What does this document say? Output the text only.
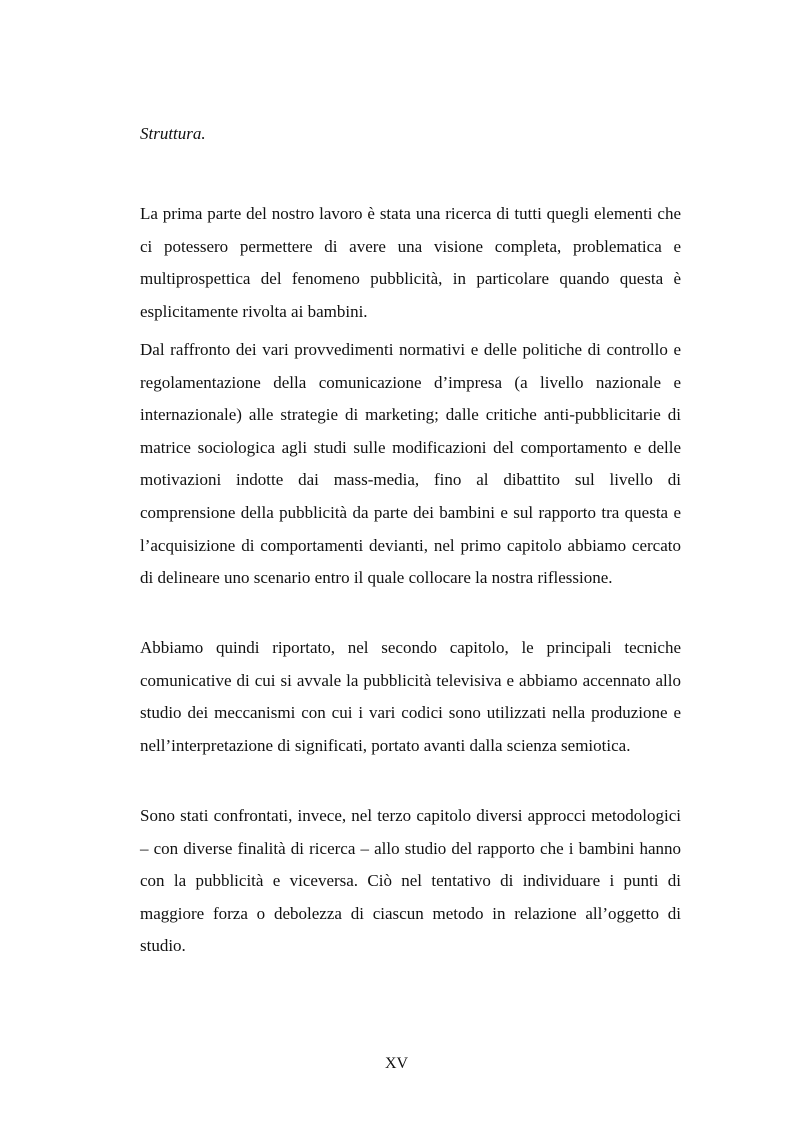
Struttura.

La prima parte del nostro lavoro è stata una ricerca di tutti quegli elementi che ci potessero permettere di avere una visione completa, problematica e multiprospettica del fenomeno pubblicità, in particolare quando questa è esplicitamente rivolta ai bambini.

Dal raffronto dei vari provvedimenti normativi e delle politiche di controllo e regolamentazione della comunicazione d’impresa (a livello nazionale e internazionale) alle strategie di marketing; dalle critiche anti-pubblicitarie di matrice sociologica agli studi sulle modificazioni del comportamento e delle motivazioni indotte dai mass-media, fino al dibattito sul livello di comprensione della pubblicità da parte dei bambini e sul rapporto tra questa e l’acquisizione di comportamenti devianti, nel primo capitolo abbiamo cercato di delineare uno scenario entro il quale collocare la nostra riflessione.

Abbiamo quindi riportato, nel secondo capitolo, le principali tecniche comunicative di cui si avvale la pubblicità televisiva e abbiamo accennato allo studio dei meccanismi con cui i vari codici sono utilizzati nella produzione e nell’interpretazione di significati, portato avanti dalla scienza semiotica.

Sono stati confrontati, invece, nel terzo capitolo diversi approcci metodologici – con diverse finalità di ricerca – allo studio del rapporto che i bambini hanno con la pubblicità e viceversa. Ciò nel tentativo di individuare i punti di maggiore forza o debolezza di ciascun metodo in relazione all’oggetto di studio.

XV
